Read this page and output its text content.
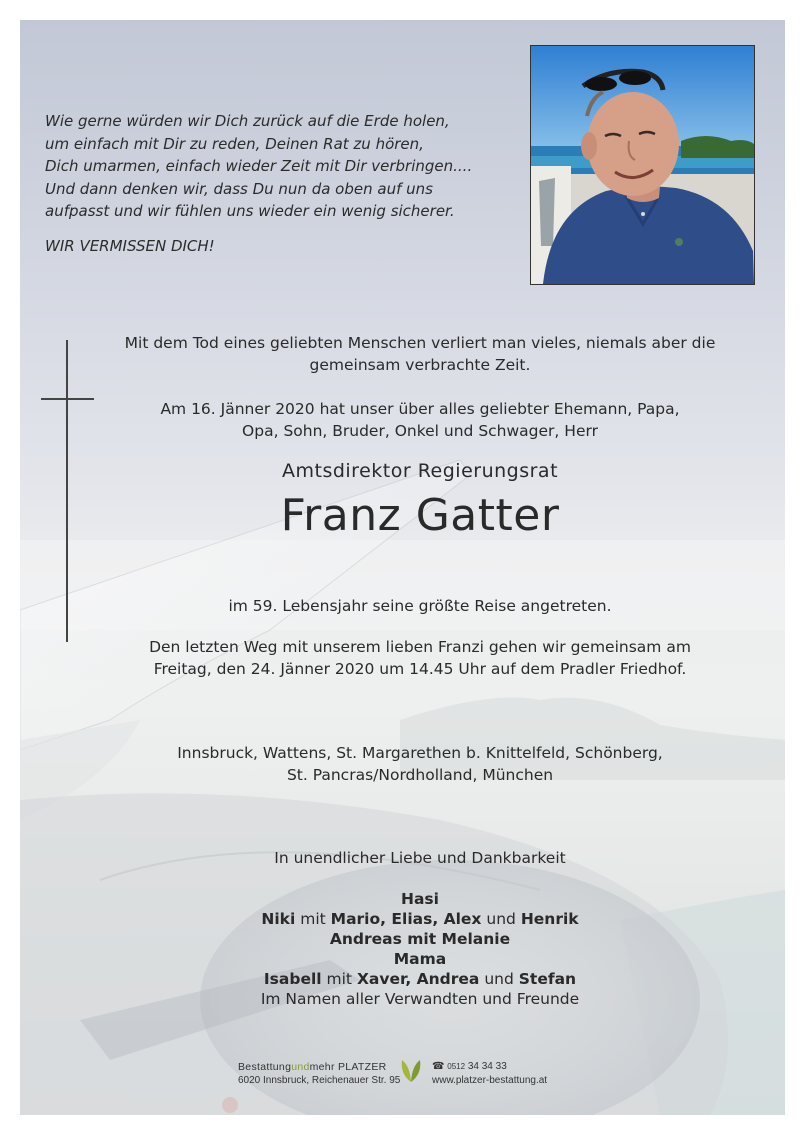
Wie gerne würden wir Dich zurück auf die Erde holen,
um einfach mit Dir zu reden, Deinen Rat zu hören,
Dich umarmen, einfach wieder Zeit mit Dir verbringen....
Und dann denken wir, dass Du nun da oben auf uns
aufpasst und wir fühlen uns wieder ein wenig sicherer.
WIR VERMISSEN DICH!
Mit dem Tod eines geliebten Menschen verliert man vieles, niemals aber die
gemeinsam verbrachte Zeit.
Am 16. Jänner 2020 hat unser über alles geliebter Ehemann, Papa,
Opa, Sohn, Bruder, Onkel und Schwager, Herr
Amtsdirektor Regierungsrat
Franz Gatter
im 59. Lebensjahr seine größte Reise angetreten.
Den letzten Weg mit unserem lieben Franzi gehen wir gemeinsam am
Freitag, den 24. Jänner 2020 um 14.45 Uhr auf dem Pradler Friedhof.
Innsbruck, Wattens, St. Margarethen b. Knittelfeld, Schönberg,
St. Pancras/Nordholland, München
In unendlicher Liebe und Dankbarkeit
Hasi
Niki mit Mario, Elias, Alex und Henrik
Andreas mit Melanie
Mama
Isabell mit Xaver, Andrea und Stefan
Im Namen aller Verwandten und Freunde
Bestattungundmehr PLATZER
6020 Innsbruck, Reichenauer Str. 95
☎ 0512 34 34 33
www.platzer-bestattung.at
